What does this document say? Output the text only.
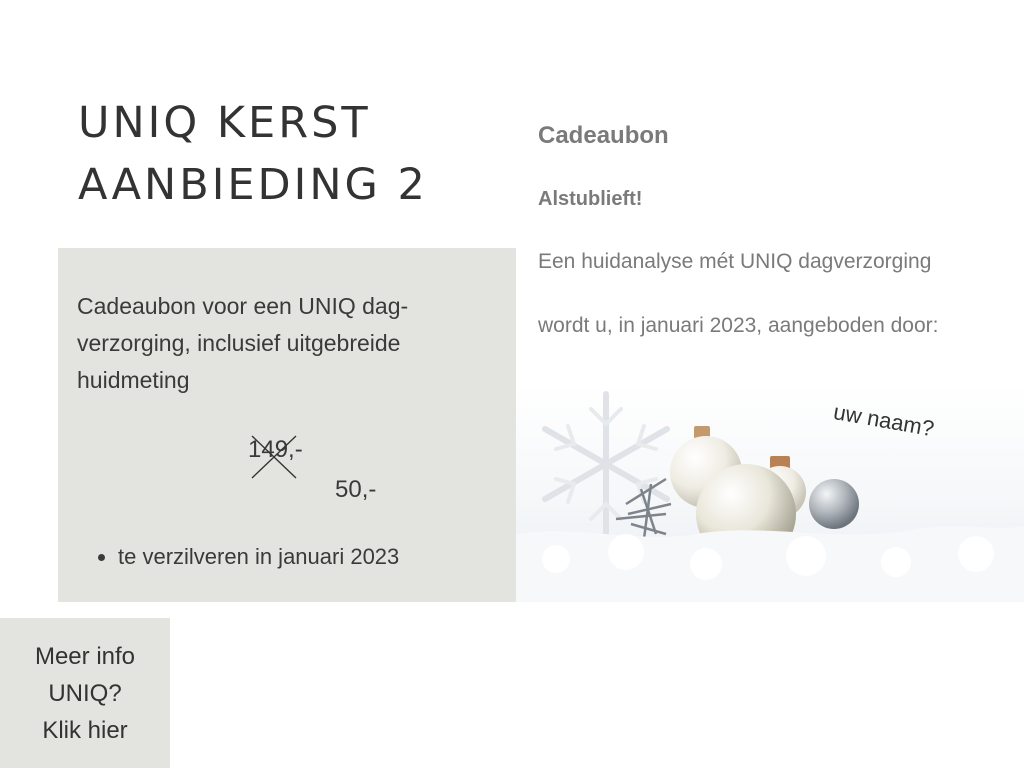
UNIQ KERST
AANBIEDING 2

Cadeaubon voor een UNIQ dag-verzorging, inclusief uitgebreide huidmeting

149,-
50,-
• te verzilveren in januari 2023
Cadeaubon
Alstublieft!
Een huidanalyse mét UNIQ dagverzorging
wordt u, in januari 2023, aangeboden door:
uw naam?
Meer info
UNIQ?
Klik hier
